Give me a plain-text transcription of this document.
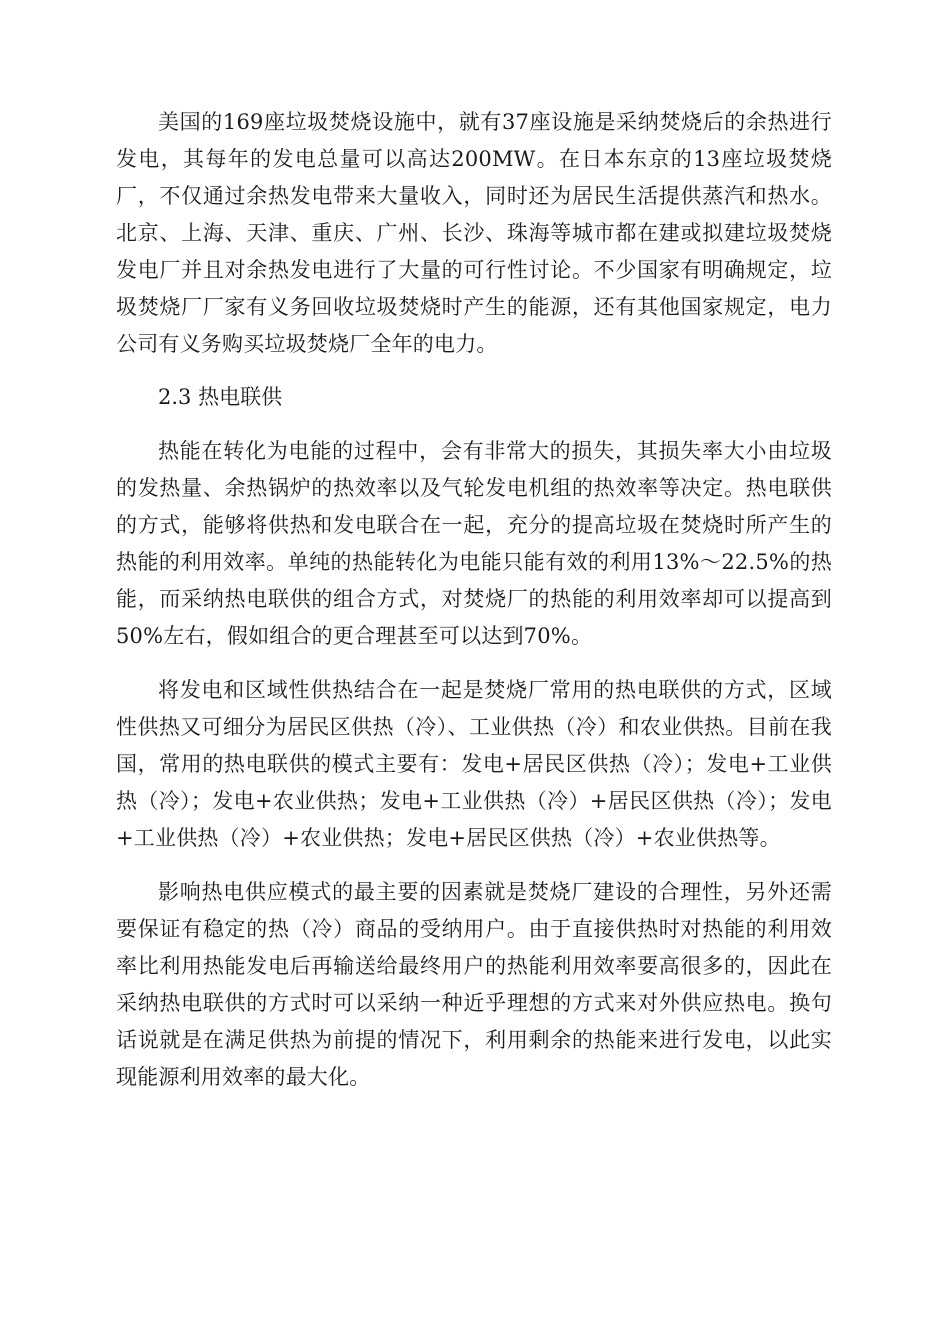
美国的169座垃圾焚烧设施中，就有37座设施是采纳焚烧后的余热进行发电，其每年的发电总量可以高达200MW。在日本东京的13座垃圾焚烧厂，不仅通过余热发电带来大量收入，同时还为居民生活提供蒸汽和热水。北京、上海、天津、重庆、广州、长沙、珠海等城市都在建或拟建垃圾焚烧发电厂并且对余热发电进行了大量的可行性讨论。不少国家有明确规定，垃圾焚烧厂厂家有义务回收垃圾焚烧时产生的能源，还有其他国家规定，电力公司有义务购买垃圾焚烧厂全年的电力。

2.3 热电联供

热能在转化为电能的过程中，会有非常大的损失，其损失率大小由垃圾的发热量、余热锅炉的热效率以及气轮发电机组的热效率等决定。热电联供的方式，能够将供热和发电联合在一起，充分的提高垃圾在焚烧时所产生的热能的利用效率。单纯的热能转化为电能只能有效的利用13%～22.5%的热能，而采纳热电联供的组合方式，对焚烧厂的热能的利用效率却可以提高到50%左右，假如组合的更合理甚至可以达到70%。

将发电和区域性供热结合在一起是焚烧厂常用的热电联供的方式，区域性供热又可细分为居民区供热（冷）、工业供热（冷）和农业供热。目前在我国，常用的热电联供的模式主要有：发电+居民区供热（冷）；发电+工业供热（冷）；发电+农业供热；发电+工业供热（冷）+居民区供热（冷）；发电+工业供热（冷）+农业供热；发电+居民区供热（冷）+农业供热等。

影响热电供应模式的最主要的因素就是焚烧厂建设的合理性，另外还需要保证有稳定的热（冷）商品的受纳用户。由于直接供热时对热能的利用效率比利用热能发电后再输送给最终用户的热能利用效率要高很多的，因此在采纳热电联供的方式时可以采纳一种近乎理想的方式来对外供应热电。换句话说就是在满足供热为前提的情况下，利用剩余的热能来进行发电，以此实现能源利用效率的最大化。
